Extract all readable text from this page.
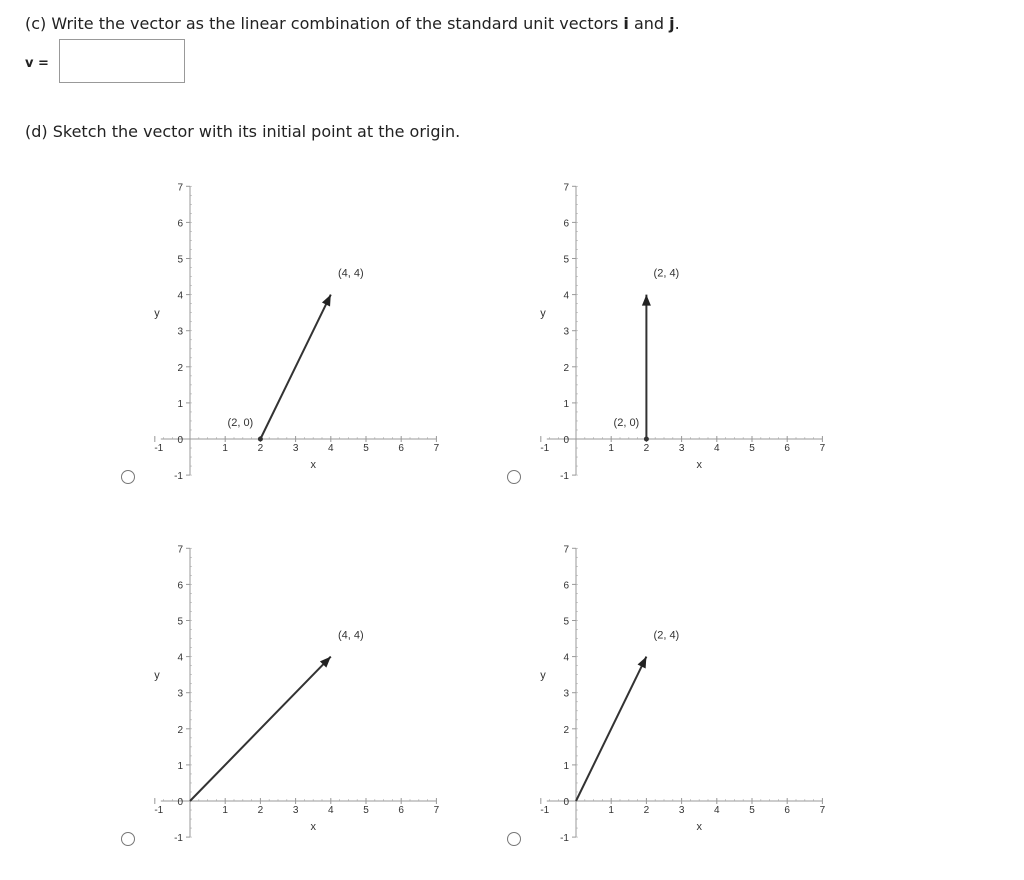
(c) Write the vector as the linear combination of the standard unit vectors i and j.
v =
(d) Sketch the vector with its initial point at the origin.
-1	1	2	3	4	5	6	7
-1
0
1
2
3
4
5
6
7
x
y
(4, 4)
(2, 0)
-1	1	2	3	4	5	6	7
-1
0
1
2
3
4
5
6
7
x
y
(2, 4)
(2, 0)
-1	1	2	3	4	5	6	7
-1
0
1
2
3
4
5
6
7
x
y
(4, 4)
-1	1	2	3	4	5	6	7
-1
0
1
2
3
4
5
6
7
x
y
(2, 4)
